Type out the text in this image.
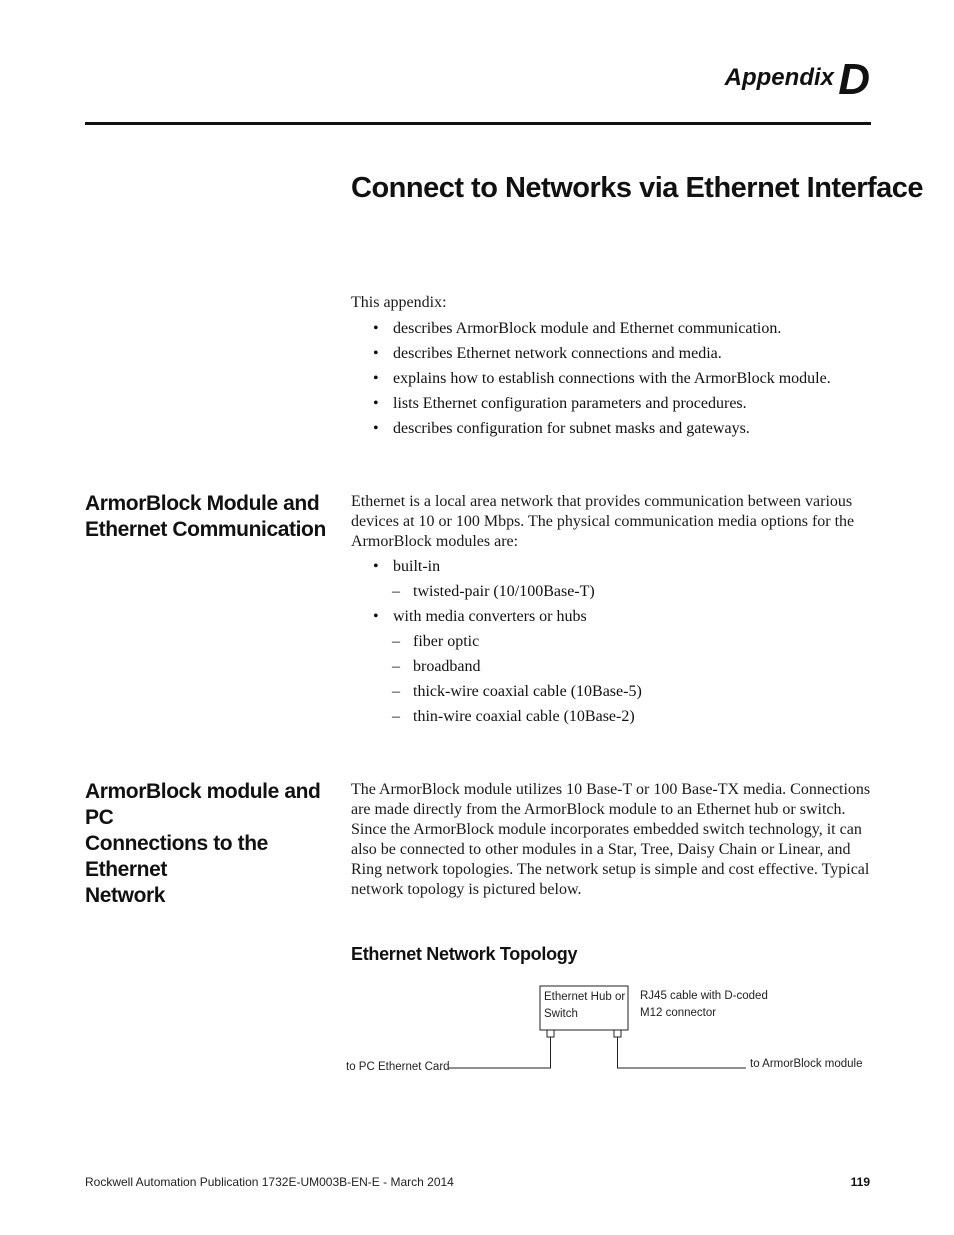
Appendix D
Connect to Networks via Ethernet Interface
This appendix:
• describes ArmorBlock module and Ethernet communication.
• describes Ethernet network connections and media.
• explains how to establish connections with the ArmorBlock module.
• lists Ethernet configuration parameters and procedures.
• describes configuration for subnet masks and gateways.
ArmorBlock Module and
Ethernet Communication
Ethernet is a local area network that provides communication between various
devices at 10 or 100 Mbps. The physical communication media options for the
ArmorBlock modules are:
• built-in
– twisted-pair (10/100Base-T)
• with media converters or hubs
– fiber optic
– broadband
– thick-wire coaxial cable (10Base-5)
– thin-wire coaxial cable (10Base-2)
ArmorBlock module and PC
Connections to the Ethernet
Network
The ArmorBlock module utilizes 10 Base-T or 100 Base-TX media. Connections
are made directly from the ArmorBlock module to an Ethernet hub or switch.
Since the ArmorBlock module incorporates embedded switch technology, it can
also be connected to other modules in a Star, Tree, Daisy Chain or Linear, and
Ring network topologies. The network setup is simple and cost effective. Typical
network topology is pictured below.
Ethernet Network Topology
Ethernet Hub or
Switch
RJ45 cable with D-coded
M12 connector
to PC Ethernet Card	to ArmorBlock module
Rockwell Automation Publication 1732E-UM003B-EN-E - March 2014	119
